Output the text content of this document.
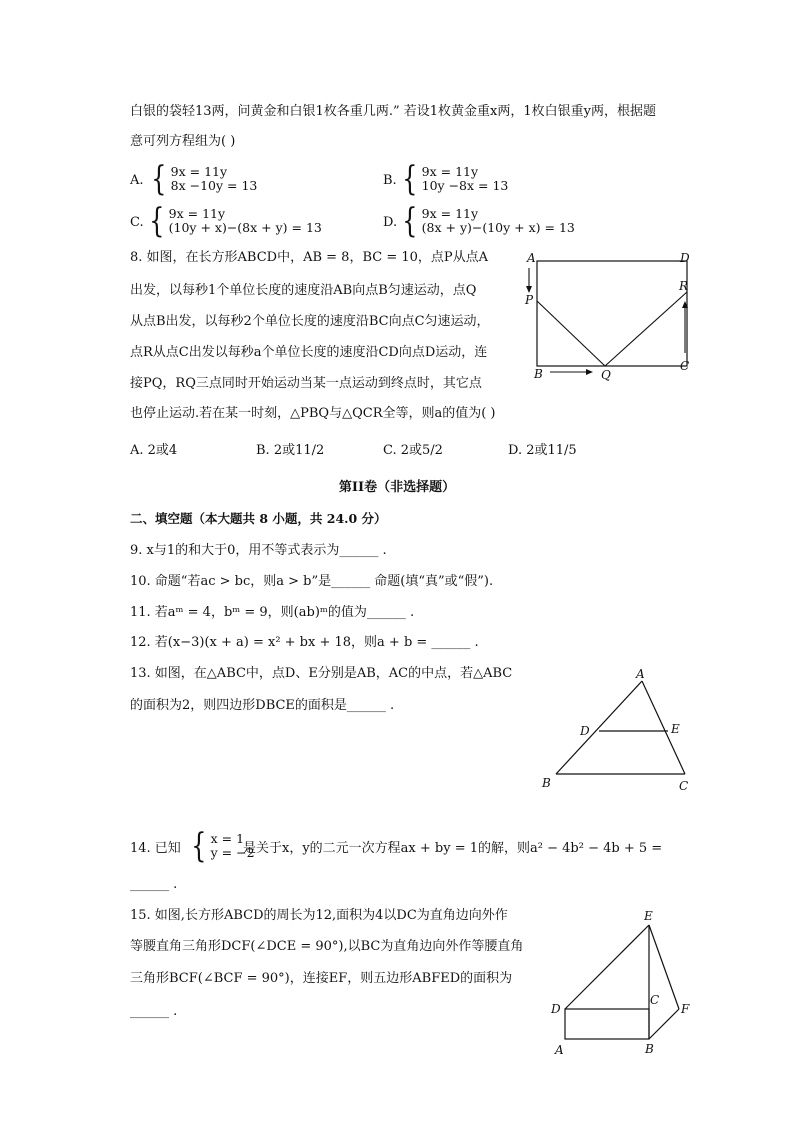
白银的袋轻13两，问黄金和白银1枚各重几两.” 若设1枚黄金重x两，1枚白银重y两，根据题
意可列方程组为( )
A. { 9x = 11y
8x −10y = 13	B. { 9x = 11y
10y −8x = 13
C. { 9x = 11y
(10y + x)−(8x + y) = 13	D. { 9x = 11y
(8x + y)−(10y + x) = 13
8. 如图，在长方形ABCD中，AB = 8，BC = 10，点P从点A
出发，以每秒1个单位长度的速度沿AB向点B匀速运动，点Q
从点B出发，以每秒2个单位长度的速度沿BC向点C匀速运动，
点R从点C出发以每秒a个单位长度的速度沿CD向点D运动，连
接PQ，RQ三点同时开始运动当某一点运动到终点时，其它点
也停止运动.若在某一时刻，△PBQ与△QCR全等，则a的值为( )
A. 2或4	B. 2或11/2	C. 2或5/2	D. 2或11/5
A	D
P
R
B	Q
C
第II卷（非选择题）
二、填空题（本大题共 8 小题，共 24.0 分）
9. x与1的和大于0，用不等式表示为______ .
10. 命题“若ac > bc，则a > b”是______ 命题(填“真”或“假”).
11. 若aᵐ = 4，bᵐ = 9，则(ab)ᵐ的值为______ .
12. 若(x−3)(x + a) = x² + bx + 18，则a + b = ______ .
13. 如图，在△ABC中，点D、E分别是AB，AC的中点，若△ABC
的面积为2，则四边形DBCE的面积是______ .
A
D	E
B	C
14. 已知 { x = 1
y = −2
是关于x，y的二元一次方程ax + by = 1的解，则a² − 4b² − 4b + 5 =
______ .
15. 如图,长方形ABCD的周长为12,面积为4以DC为直角边向外作
等腰直角三角形DCF(∠DCE = 90°),以BC为直角边向外作等腰直角
三角形BCF(∠BCF = 90°)，连接EF，则五边形ABFED的面积为
______ .
E
D
C
F
A	B
